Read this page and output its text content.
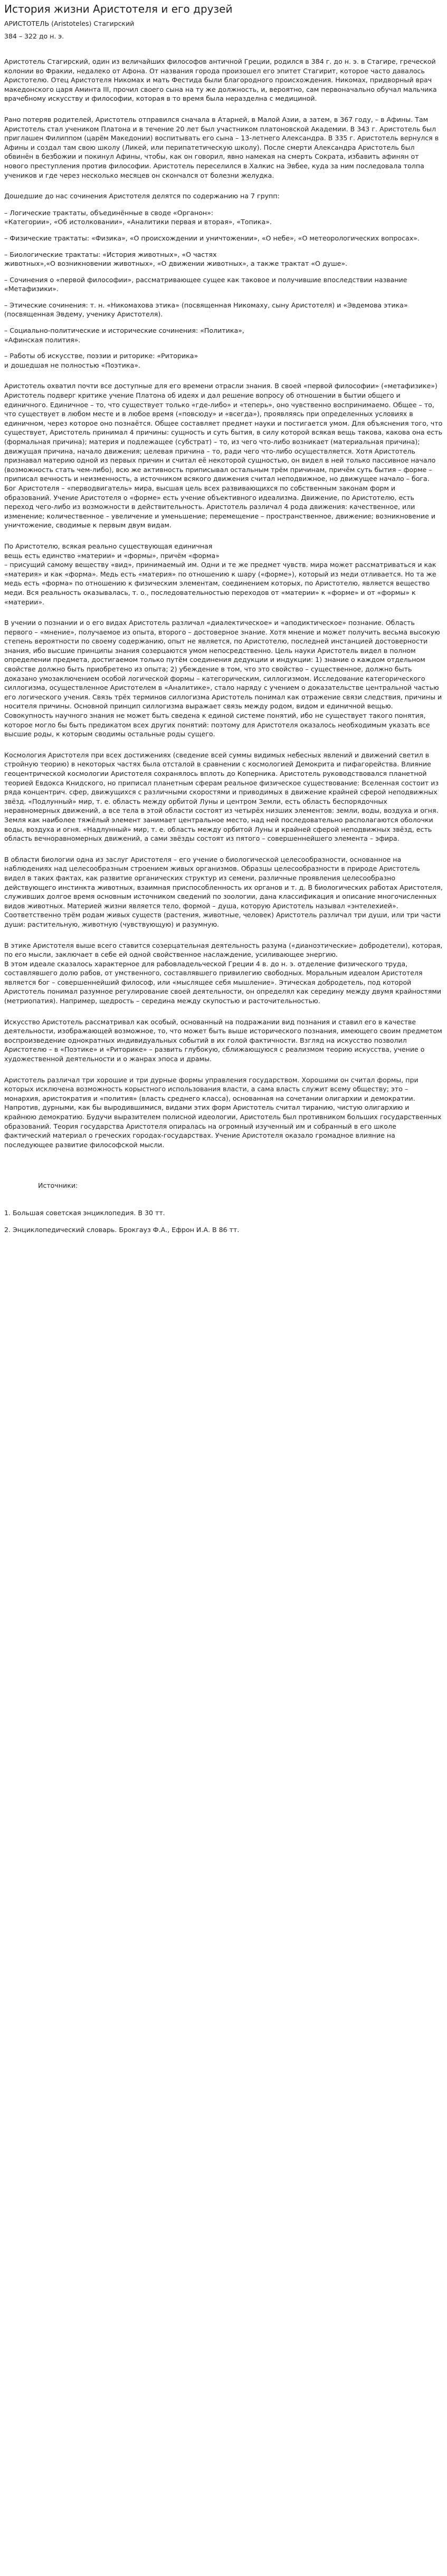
История жизни Аристотеля и его друзей

АРИСТОТЕЛЬ (Aristoteles) Стагирский

384 – 322 до н. э.

Аристотель Стагирский, один из величайших философов античной Греции, родился в 384 г. до н. э. в Стагире, греческой колонии во Фракии, недалеко от Афона. От названия города произошел его эпитет Стагирит, которое часто давалось Аристотелю. Отец Аристотеля Никомах и мать Фестида были благородного происхождения. Никомах, придворный врач македонского царя Аминта III, прочил своего сына на ту же должность, и, вероятно, сам первоначально обучал мальчика врачебному искусству и философии, которая в то время была неразделна с медициной.

Рано потеряв родителей, Аристотель отправился сначала в Атарней, в Малой Азии, а затем, в 367 году, – в Афины. Там Аристотель стал учеником Платона и в течение 20 лет был участником платоновской Академии. В 343 г. Аристотель был приглашен Филиппом (царём Македонии) воспитывать его сына – 13-летнего Александра. В 335 г. Аристотель вернулся в Афины и создал там свою школу (Ликей, или перипатетическую школу). После смерти Александра Аристотель был обвинён в безбожии и покинул Афины, чтобы, как он говорил, явно намекая на смерть Сократа, избавить афинян от нового преступления против философии. Аристотель переселился в Халкис на Эвбее, куда за ним последовала толпа учеников и где через несколько месяцев он скончался от болезни желудка.

Дошедшие до нас сочинения Аристотеля делятся по содержанию на 7 групп:

– Логические трактаты, объединённые в сводe «Органон»:
«Категории», «Об истолковании», «Аналитики первая и вторая», «Топика».
– Физические трактаты: «Физика», «О происхождении и уничтожении», «О небе», «О метеорологических вопросах».
– Биологические трактаты: «История животных», «О частях
животных»,«О возникновении животных», «О движении животных», а также трактат «О душе».
– Сочинения о «первой философии», рассматривающее сущее как таковое и получившие впоследствии название «Метафизики».
– Этические сочинения: т. н. «Никомахова этика» (посвященная Никомаху, сыну Аристотеля) и «Эвдемова этика» (посвященная Эвдему, ученику Аристотеля).
– Социально-политические и исторические сочинения: «Политика»,
«Афинская полития».
– Работы об искусстве, поэзии и риторике: «Риторика»
и дошедшая не полностью «Поэтика».

Аристотель охватил почти все доступные для его времени отрасли знания. В своей «первой философии» («метафизике») Аристотель подверг критике учение Платона об идеях и дал решение вопросу об отношении в бытии общего и единичного. Единичное – то, что существует только «где-либо» и «теперь», оно чувственно воспринимаемо. Общее – то, что существует в любом месте и в любое время («повсюду» и «всегда»), проявляясь при определенных условиях в единичном, через которое оно познаётся. Общее составляет предмет науки и постигается умом. Для объяснения того, что существует, Аристотель принимал 4 причины: сущность и суть бытия, в силу которой всякая вещь такова, какова она есть (формальная причина); материя и подлежащее (субстрат) – то, из чего что-либо возникает (материальная причина); движущая причина, начало движения; целевая причина – то, ради чего что-либо осуществляется. Хотя Аристотель признавал материю одной из первых причин и считал её некоторой сущностью, он видел в ней только пассивное начало (возможность стать чем-либо), всю же активность приписывал остальным трём причинам, причём суть бытия – форме – приписал вечность и неизменность, а источником всякого движения считал неподвижное, но движущее начало – бога. Бог Аристотеля – «перводвигатель» мира, высшая цель всех развивающихся по собственным законам форм и образований. Учение Аристотеля о «форме» есть учение объективного идеализма. Движение, по Аристотелю, есть переход чего-либо из возможности в действительность. Аристотель различал 4 рода движения: качественное, или изменение; количественное – увеличение и уменьшение; перемещение – пространственное, движение; возникновение и уничтожение, сводимые к первым двум видам.

По Аристотелю, всякая реально существующая единичная
вещь есть единство «материи» и «формы», причём «форма»
– присущий самому веществу «вид», принимаемый им. Одни и те же предмет чувств. мира может рассматриваться и как «материя» и как «форма». Медь есть «материя» по отношению к шару («форме»), который из меди отливается. Но та же медь есть «форма» по отношению к физическим элементам, соединением которых, по Аристотелю, является вещество меди. Вся реальность оказывалась, т. о., последовательностью переходов от «материи» к «форме» и от «формы» к «материи».

В учении о познании и о его видах Аристотель различал «диалектическое» и «аподиктическое» познание. Область первого – «мнение», получаемое из опыта, второго – достоверное знание. Хотя мнение и может получить весьма высокую степень вероятности по своему содержанию, опыт не является, по Аристотелю, последней инстанцией достоверности знания, ибо высшие принципы знания созерцаются умом непосредственно. Цель науки Аристотель видел в полном определении предмета, достигаемом только путём соединения дедукции и индукции: 1) знание о каждом отдельном свойстве должно быть приобретено из опыта; 2) убеждение в том, что это свойство – существенное, должно быть доказано умозаключением особой логической формы – категорическим, силлогизмом. Исследование категорического силлогизма, осуществленное Аристотелем в «Аналитике», стало наряду с учением о доказательстве центральной частью его логического учения. Связь трёх терминов силлогизма Аристотель понимал как отражение связи следствия, причины и носителя причины. Основной принцип силлогизма выражает связь между родом, видом и единичной вещью. Совокупность научного знания не может быть сведена к единой системе понятий, ибо не существует такого понятия, которое могло бы быть предикатом всех других понятий: поэтому для Аристотеля оказалось необходимым указать все высшие роды, к которым сводимы остальные роды сущего.

Космология Аристотеля при всех достижениях (сведение всей суммы видимых небесных явлений и движений светил в стройную теорию) в некоторых частях была отсталой в сравнении с космологией Демокрита и пифагорейства. Влияние геоцентрической космологии Аристотеля сохранялось вплоть до Коперника. Аристотель руководствовался планетной теорией Евдокса Книдского, но приписал планетным сферам реальное физическое существование: Вселенная состоит из ряда концентрич. сфер, движущихся с различными скоростями и приводимых в движение крайней сферой неподвижных звёзд. «Подлунный» мир, т. е. область между орбитой Луны и центром Земли, есть область беспорядочных неравномерных движений, а все тела в этой области состоят из четырёх низших элементов: земли, воды, воздуха и огня. Земля как наиболее тяжёлый элемент занимает центральное место, над ней последовательно располагаются оболочки воды, воздуха и огня. «Надлунный» мир, т. е. область между орбитой Луны и крайней сферой неподвижных звёзд, есть область вечноравномерных движений, а сами звёзды состоят из пятого – совершеннейшего элемента – эфира.

В области биологии одна из заслуг Аристотеля – его учение о биологической целесообразности, основанное на наблюдениях над целесообразным строением живых организмов. Образцы целесообразности в природе Аристотель видел в таких фактах, как развитие органических структур из семени, различные проявления целесообразно действующего инстинкта животных, взаимная приспособленность их органов и т. д. В биологических работах Аристотеля, служивших долгое время основным источником сведений по зоологии, дана классификация и описание многочисленных видов животных. Материей жизни является тело, формой – душа, которую Аристотель называл «энтелехией». Соответственно трём родам живых существ (растения, животные, человек) Аристотель различал три души, или три части души: растительную, животную (чувствующую) и разумную.

В этике Аристотеля выше всего ставится созерцательная деятельность разума («дианоэтические» добродетели), которая, по его мысли, заключает в себе ей одной свойственное наслаждение, усиливающее энергию.
В этом идеале сказалось характерное для рабовладельческой Греции 4 в. до н. э. отделение физического труда, составлявшего долю рабов, от умственного, составлявшего привилегию свободных. Моральным идеалом Аристотеля является бог – совершеннейший философ, или «мыслящее себя мышление». Этическая добродетель, под которой Аристотель понимал разумное регулирование своей деятельности, он определял как середину между двумя крайностями (метриопатия). Например, щедрость – середина между скупостью и расточительностью.

Искусство Аристотель рассматривал как особый, основанный на подражании вид познания и ставил его в качестве деятельности, изображающей возможное, то, что может быть выше исторического познания, имеющего своим предметом воспроизведение однократных индивидуальных событий в их голой фактичности. Взгляд на искусство позволил Аристотелю – в «Поэтике» и «Риторике» – развить глубокую, сближающуюся с реализмом теорию искусства, учение о художественной деятельности и о жанрах эпоса и драмы.

Аристотель различал три хорошие и три дурные формы управления государством. Хорошими он считал формы, при которых исключена возможность корыстного использования власти, а сама власть служит всему обществу; это – монархия, аристократия и «полития» (власть среднего класса), основанная на сочетании олигархии и демократии. Напротив, дурными, как бы выродившимися, видами этих форм Аристотель считал тиранию, чистую олигархию и крайнюю демократию. Будучи выразителем полисной идеологии, Аристотель был противником больших государственных образований. Теория государства Аристотеля опиралась на огромный изученный им и собранный в его школе фактический материал о греческих городах-государствах. Учение Аристотеля оказало громадное влияние на последующее развитие философской мысли.

Источники:
1. Большая советская энциклопедия. В 30 тт.
2. Энциклопедический словарь. Брокгауз Ф.А., Ефрон И.А. В 86 тт.
